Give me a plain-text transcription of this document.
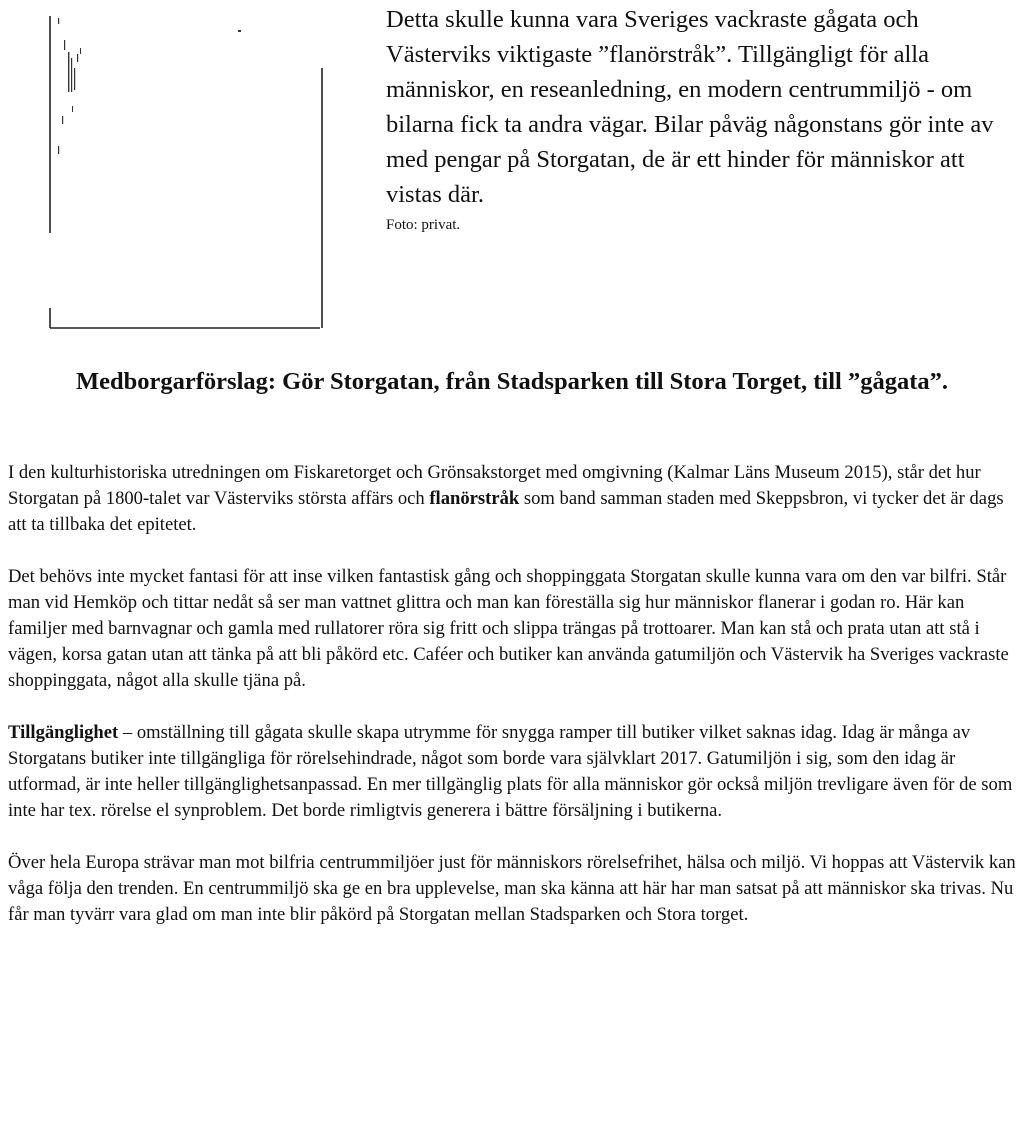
Detta skulle kunna vara Sveriges vackraste gågata och Västerviks viktigaste ”flanörstråk”. Tillgängligt för alla människor, en reseanledning, en modern centrummiljö - om bilarna fick ta andra vägar. Bilar påväg någonstans gör inte av med pengar på Storgatan, de är ett hinder för människor att vistas där.

Foto: privat.

Medborgarförslag: Gör Storgatan, från Stadsparken till Stora Torget, till ”gågata”.

I den kulturhistoriska utredningen om Fiskaretorget och Grönsakstorget med omgivning (Kalmar Läns Museum 2015), står det hur Storgatan på 1800-talet var Västerviks största affärs och flanörstråk som band samman staden med Skeppsbron, vi tycker det är dags att ta tillbaka det epitetet.

Det behövs inte mycket fantasi för att inse vilken fantastisk gång och shoppinggata Storgatan skulle kunna vara om den var bilfri. Står man vid Hemköp och tittar nedåt så ser man vattnet glittra och man kan föreställa sig hur människor flanerar i godan ro. Här kan familjer med barnvagnar och gamla med rullatorer röra sig fritt och slippa trängas på trottoarer. Man kan stå och prata utan att stå i vägen, korsa gatan utan att tänka på att bli påkörd etc. Caféer och butiker kan använda gatumiljön och Västervik ha Sveriges vackraste shoppinggata, något alla skulle tjäna på.

Tillgänglighet – omställning till gågata skulle skapa utrymme för snygga ramper till butiker vilket saknas idag. Idag är många av Storgatans butiker inte tillgängliga för rörelsehindrade, något som borde vara självklart 2017. Gatumiljön i sig, som den idag är utformad, är inte heller tillgänglighetsanpassad. En mer tillgänglig plats för alla människor gör också miljön trevligare även för de som inte har tex. rörelse el synproblem. Det borde rimligtvis generera i bättre försäljning i butikerna.

Över hela Europa strävar man mot bilfria centrummiljöer just för människors rörelsefrihet, hälsa och miljö. Vi hoppas att Västervik kan våga följa den trenden. En centrummiljö ska ge en bra upplevelse, man ska känna att här har man satsat på att människor ska trivas. Nu får man tyvärr vara glad om man inte blir påkörd på Storgatan mellan Stadsparken och Stora torget.
